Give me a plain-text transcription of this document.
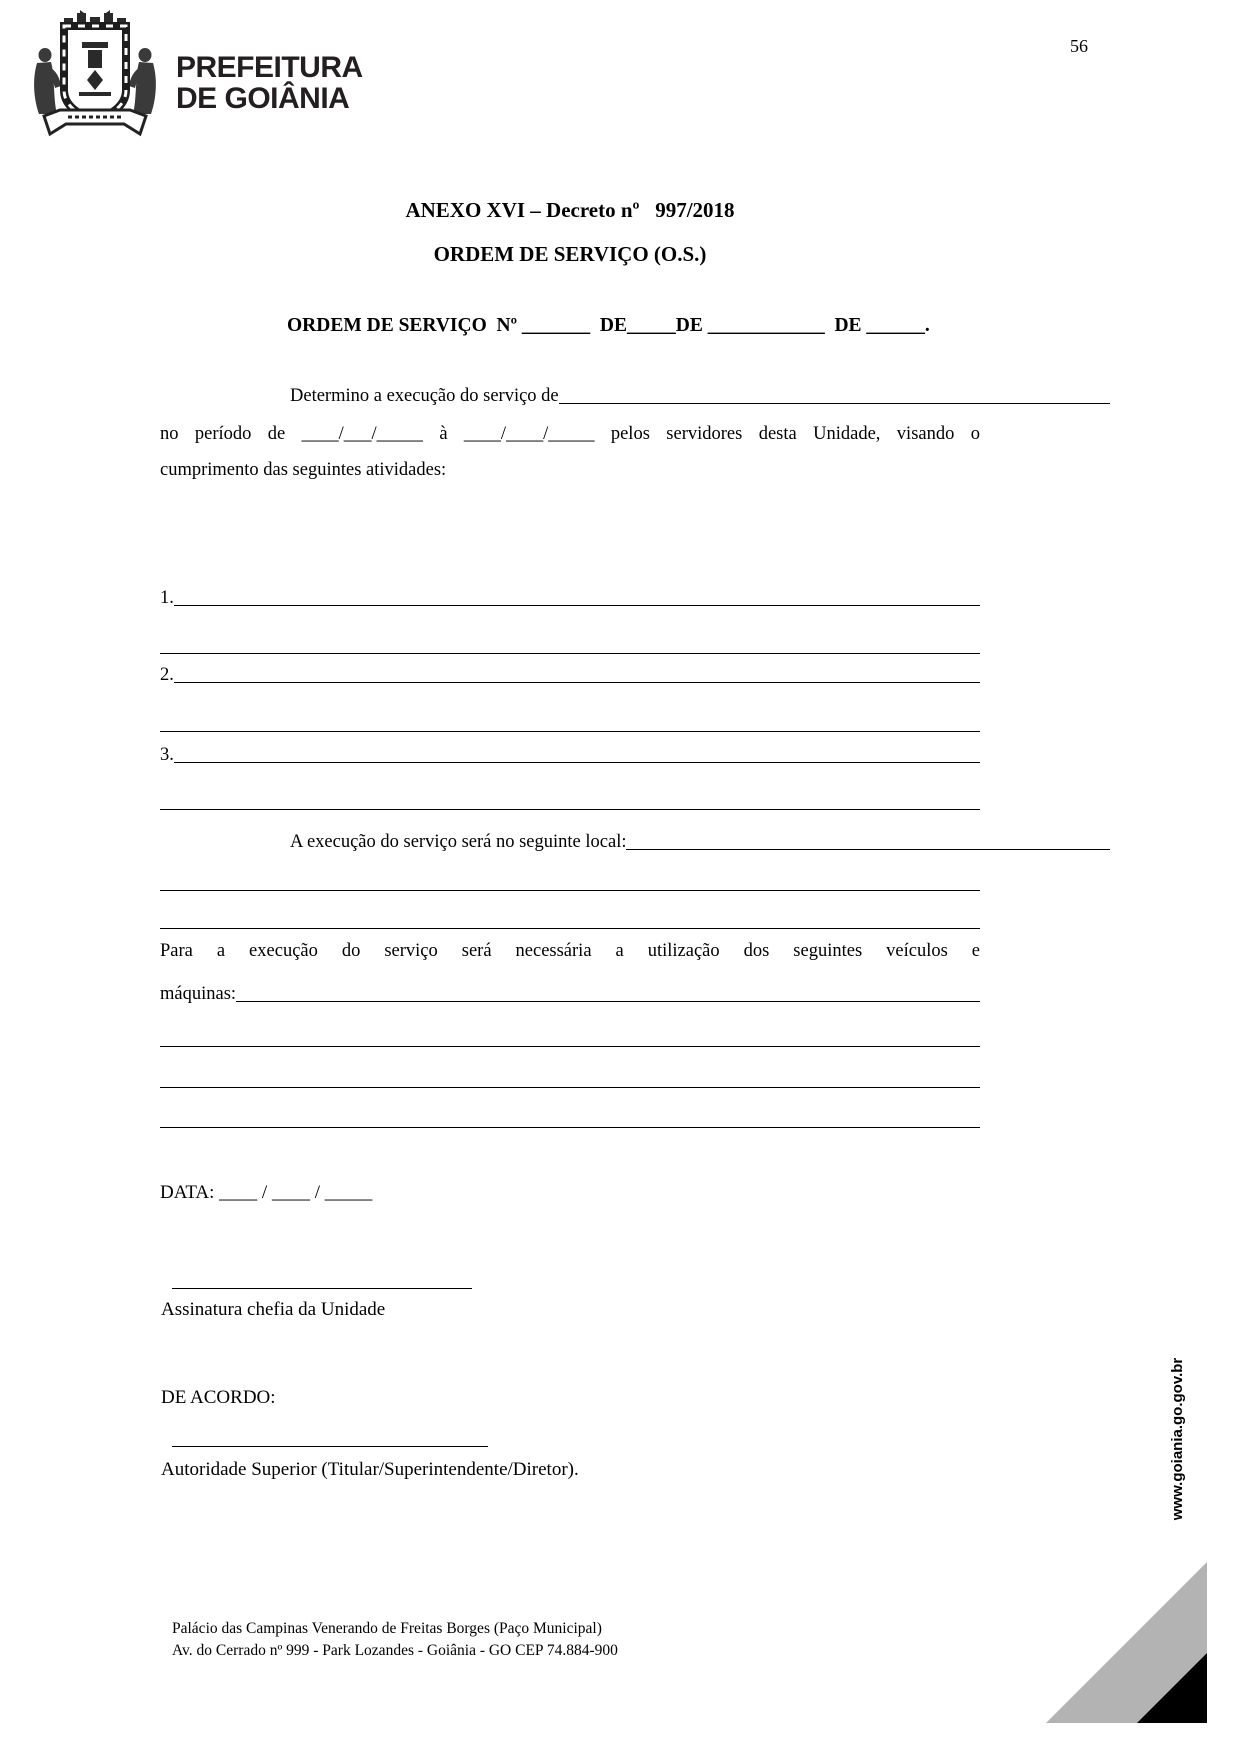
PREFEITURA
DE GOIÂNIA
56
ANEXO XVI – Decreto nº   997/2018
ORDEM DE SERVIÇO (O.S.)
ORDEM DE SERVIÇO  Nº _______  DE_____DE ____________  DE ______.
Determino a execução do serviço de
no período de ____/___/_____ à ____/____/_____ pelos servidores desta Unidade, visando o
cumprimento das seguintes atividades:
1.
2.
3.
A execução do serviço será no seguinte local:
Para a execução do serviço será necessária a utilização dos seguintes veículos e
máquinas:
DATA: ____ / ____ / _____
Assinatura chefia da Unidade
DE ACORDO:
Autoridade Superior (Titular/Superintendente/Diretor).
Palácio das Campinas Venerando de Freitas Borges (Paço Municipal)
Av. do Cerrado nº 999 - Park Lozandes - Goiânia - GO CEP 74.884-900
www.goiania.go.gov.br
